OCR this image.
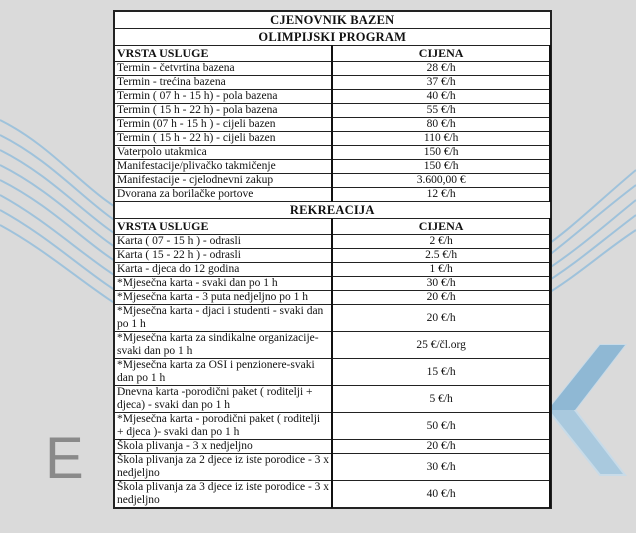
E
CJENOVNIK BAZEN	
OLIMPIJSKI PROGRAM	
VRSTA USLUGE	CIJENA
Termin - četvrtina bazena	28 €/h
Termin - trećina bazena	37 €/h
Termin ( 07 h - 15 h) - pola bazena	40 €/h
Termin ( 15 h - 22 h) - pola bazena	55 €/h
Termin (07 h - 15 h ) - cijeli bazen	80 €/h
Termin ( 15 h - 22 h) - cijeli bazen	110 €/h
Vaterpolo utakmica	150 €/h
Manifestacije/plivačko takmičenje	150 €/h
Manifestacije - cjelodnevni zakup	3.600,00 €
Dvorana za borilačke portove	12 €/h
REKREACIJA	
VRSTA USLUGE	CIJENA
Karta ( 07 - 15 h ) - odrasli	2 €/h
Karta ( 15 - 22 h ) - odrasli	2.5 €/h
Karta - djeca do 12 godina	1 €/h
*Mjesečna karta - svaki dan po 1 h	30 €/h
*Mjesečna karta - 3 puta nedjeljno po 1 h	20 €/h
*Mjesečna karta - djaci i studenti - svaki dan po 1 h	20 €/h
*Mjesečna karta za sindikalne organizacije-svaki dan po 1 h	25 €/čl.org
*Mjesečna karta za OSI i penzionere-svaki dan po 1 h	15 €/h
Dnevna karta -porodični paket ( roditelji + djeca) - svaki dan po 1 h	5 €/h
*Mjesečna karta - porodični paket ( roditelji + djeca )- svaki dan po 1 h	50 €/h
Škola plivanja - 3 x nedjeljno	20 €/h
Škola plivanja za 2 djece iz iste porodice - 3 x nedjeljno	30 €/h
Škola plivanja za 3 djece iz iste porodice - 3 x nedjeljno	40 €/h
